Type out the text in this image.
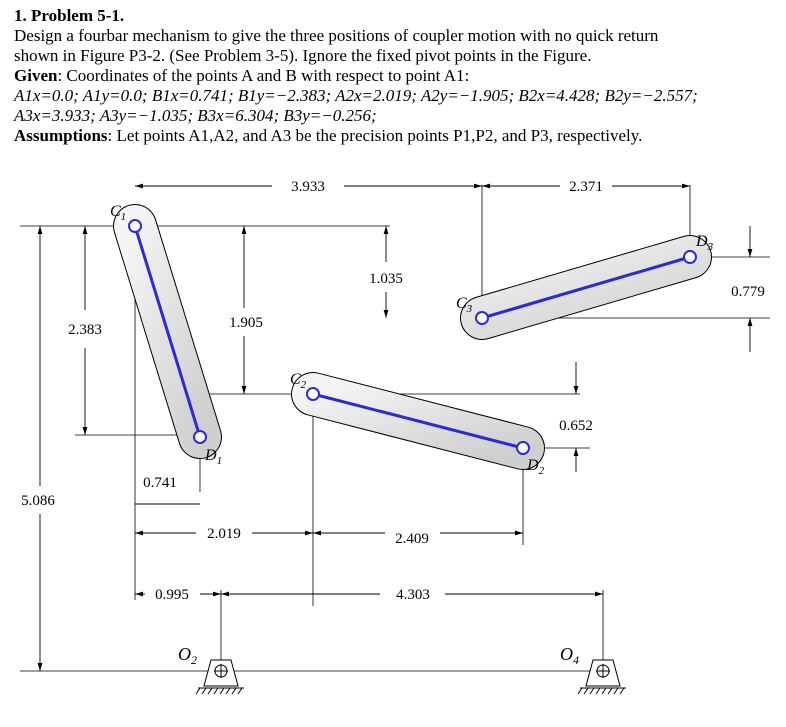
1. Problem 5-1.
Design a fourbar mechanism to give the three positions of coupler motion with no quick return
shown in Figure P3-2. (See Problem 3-5). Ignore the fixed pivot points in the Figure.
Given: Coordinates of the points A and B with respect to point A1:
A1x=0.0; A1y=0.0; B1x=0.741; B1y=−2.383; A2x=2.019; A2y=−1.905; B2x=4.428; B2y=−2.557;
A3x=3.933; A3y=−1.035; B3x=6.304; B3y=−0.256;
Assumptions: Let points A1,A2, and A3 be the precision points P1,P2, and P3, respectively.
3.933	2.371
1.035
0.779
2.383	1.905
0.652
0.741
5.086
2.019	2.409
0.995	4.303
$C_1$
$D_1$
$C_2$
$D_2$
$C_3$
$D_3$
$O_2$	$O_4$
